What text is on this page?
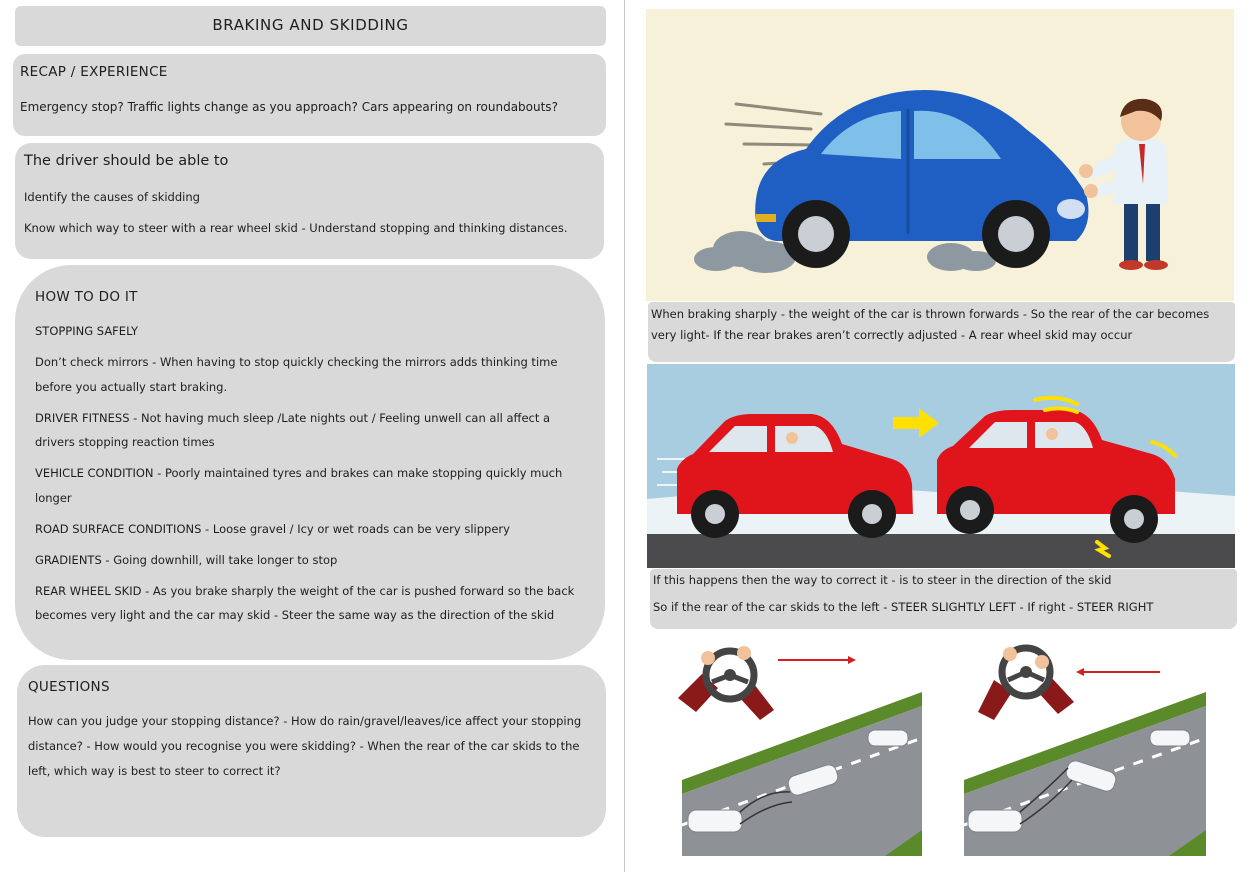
BRAKING AND SKIDDING
RECAP / EXPERIENCE
Emergency stop? Traffic lights change as you approach? Cars appearing on roundabouts?
The driver should be able to
Identify the causes of skidding
Know which way to steer with a rear wheel skid - Understand stopping and thinking distances.
HOW TO DO IT
STOPPING SAFELY
Don’t check mirrors - When having to stop quickly checking the mirrors adds thinking time
before you actually start braking.
DRIVER FITNESS - Not having much sleep /Late nights out / Feeling unwell can all affect a
drivers stopping reaction times
VEHICLE CONDITION - Poorly maintained tyres and brakes can make stopping quickly much
longer
ROAD SURFACE CONDITIONS - Loose gravel / Icy or wet roads can be very slippery
GRADIENTS - Going downhill, will take longer to stop
REAR WHEEL SKID - As you brake sharply the weight of the car is pushed forward so the back
becomes very light and the car may skid - Steer the same way as the direction of the skid
QUESTIONS
How can you judge your stopping distance? - How do rain/gravel/leaves/ice affect your stopping
distance? - How would you recognise you were skidding? - When the rear of the car skids to the
left, which way is best to steer to correct it?
When braking sharply - the weight of the car is thrown forwards - So the rear of the car becomes
very light- If the rear brakes aren’t correctly adjusted - A rear wheel skid may occur
If this happens then the way to correct it - is to steer in the direction of the skid
So if the rear of the car skids to the left - STEER SLIGHTLY LEFT - If right - STEER RIGHT
